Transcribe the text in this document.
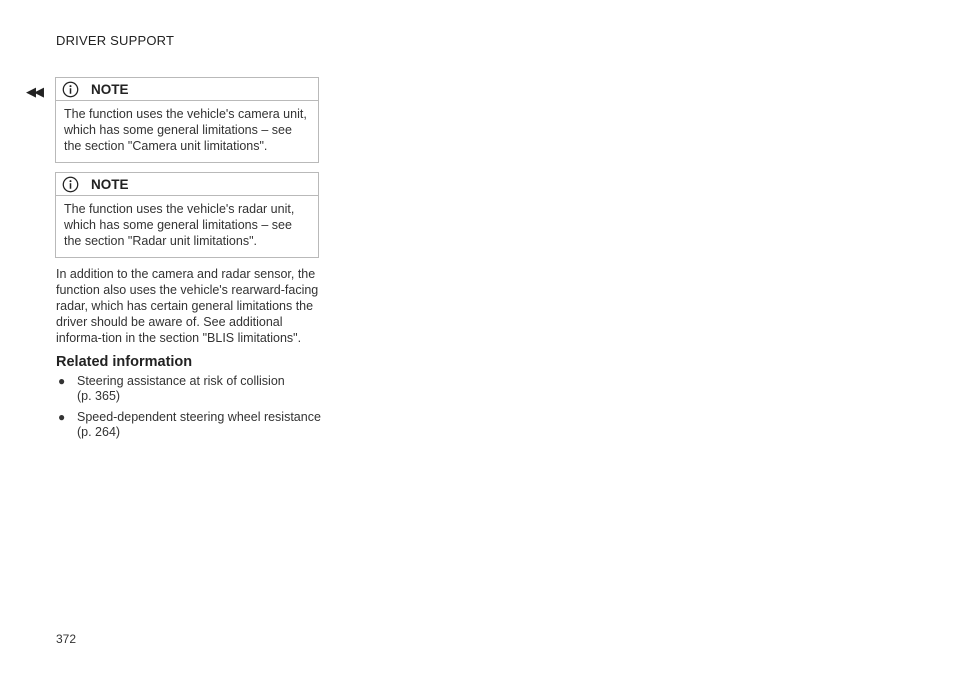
DRIVER SUPPORT
◀◀	NOTE
The function uses the vehicle's camera unit, which has some general limitations – see the section "Camera unit limitations".
NOTE
The function uses the vehicle's radar unit, which has some general limitations – see the section "Radar unit limitations".

In addition to the camera and radar sensor, the function also uses the vehicle's rearward-facing radar, which has certain general limitations the driver should be aware of. See additional informa-tion in the section "BLIS limitations".

Related information
● Steering assistance at risk of collision
(p. 365)
● Speed-dependent steering wheel resistance
(p. 264)
372
